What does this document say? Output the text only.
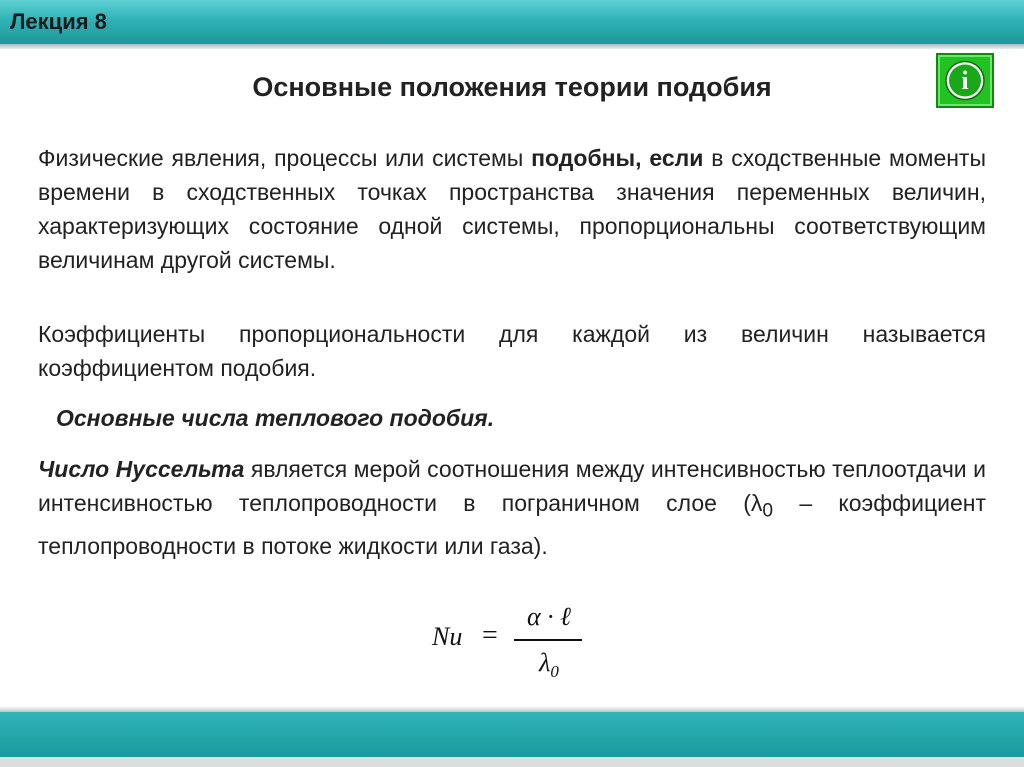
Лекция 8
Основные положения теории подобия	i
Физические явления, процессы или системы подобны, если в сходственные моменты времени в сходственных точках пространства значения переменных величин, характеризующих состояние одной системы, пропорциональны соответствующим величинам другой системы.
Коэффициенты пропорциональности для каждой из величин называется коэффициентом подобия.
Основные числа теплового подобия.
Число Нуссельта является мерой соотношения между интенсивностью теплоотдачи и интенсивностью теплопроводности в пограничном слое ($\lambda_0$ – коэффициент теплопроводности в потоке жидкости или газа).
Nu =
α · ℓ
$\lambda_0$
